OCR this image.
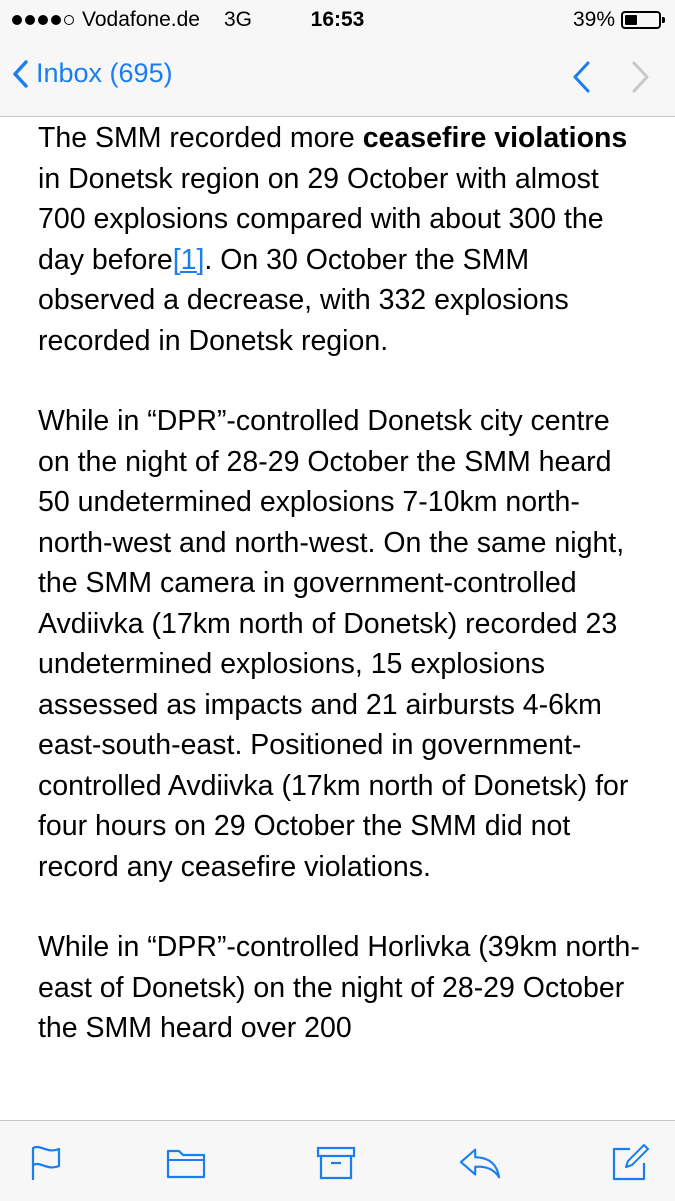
Vodafone.de 3G	16:53	39%
Inbox (695)

The SMM recorded more ceasefire violations in Donetsk region on 29 October with almost 700 explosions compared with about 300 the day before[1]. On 30 October the SMM observed a decrease, with 332 explosions recorded in Donetsk region.

While in “DPR”-controlled Donetsk city centre on the night of 28-29 October the SMM heard 50 undetermined explosions 7-10km north-north-west and north-west. On the same night, the SMM camera in government-controlled Avdiivka (17km north of Donetsk) recorded 23 undetermined explosions, 15 explosions assessed as impacts and 21 airbursts 4-6km east-south-east. Positioned in government-controlled Avdiivka (17km north of Donetsk) for four hours on 29 October the SMM did not record any ceasefire violations.

While in “DPR”-controlled Horlivka (39km north-east of Donetsk) on the night of 28-29 October the SMM heard over 200
